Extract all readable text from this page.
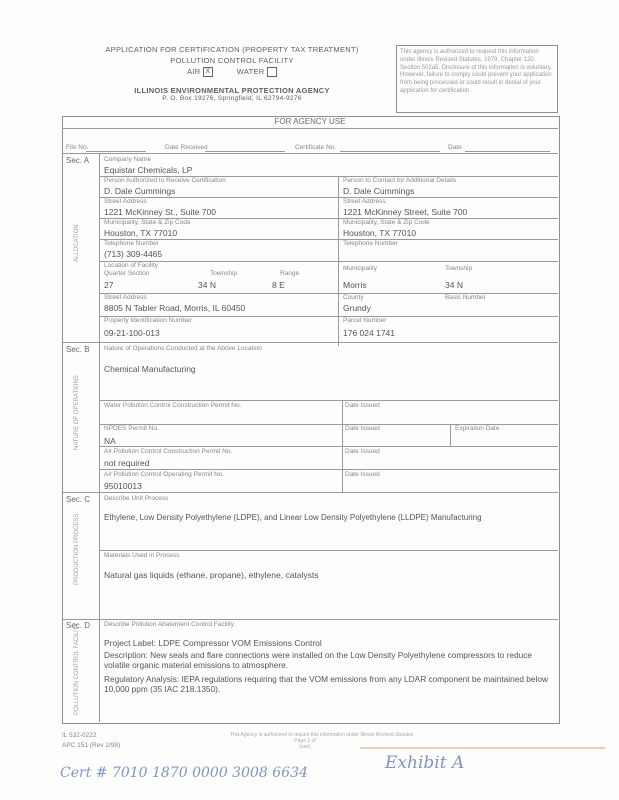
APPLICATION FOR CERTIFICATION (PROPERTY TAX TREATMENT)
POLLUTION CONTROL FACILITY
AIR X	WATER
ILLINOIS ENVIRONMENTAL PROTECTION AGENCY
P. O. Box 19276, Springfield, IL 62794-9276
This agency is authorized to request this information under Illinois Revised Statutes, 1979, Chapter 120, Section 502a5. Disclosure of this information is voluntary. However, failure to comply could prevent your application from being processed or could result in denial of your application for certification.
FOR AGENCY USE
File No.	Date Received	Certificate No.	Date
Sec. A
ALLOCATION
Company Name
Equistar Chemicals, LP
Person Authorized to Receive Certification
D. Dale Cummings
Person to Contact for Additional Details
D. Dale Cummings
Street Address
1221 McKinney St., Suite 700
Street Address
1221 McKinney Street, Suite 700
Municipality, State & Zip Code
Houston, TX 77010
Municipality, State & Zip Code
Houston, TX 77010
Telephone Number
(713) 309-4465
Telephone Number
Location of Facility
Quarter Section	Township	Range
27	34 N	8 E
Municipality
Morris
Township
34 N
Street Address
8805 N Tabler Road, Morris, IL 60450
County
Grundy
Basic Number
Property Identification Number
09-21-100-013
Parcel Number
176 024 1741
Sec. B
NATURE OF OPERATIONS
Nature of Operations Conducted at the Above Location
Chemical Manufacturing
Water Pollution Control Construction Permit No.	Date Issued
NPDES Permit No.
NA
Date Issued	Expiration Date
Air Pollution Control Construction Permit No.
not required
Date Issued
Air Pollution Control Operating Permit No.
95010013
Date Issued
Sec. C
PRODUCTION PROCESS
Describe Unit Process
Ethylene, Low Density Polyethylene (LDPE), and Linear Low Density Polyethylene (LLDPE) Manufacturing
Materials Used in Process
Natural gas liquids (ethane, propane), ethylene, catalysts
Sec. D
POLLUTION CONTROL FACILITY	Describe Pollution Abatement Control Facility
Project Label: LDPE Compressor VOM Emissions Control
Description: New seals and flare connections were installed on the Low Density Polyethylene compressors to reduce volatile organic material emissions to atmosphere.
Regulatory Analysis: IEPA regulations requiring that the VOM emissions from any LDAR component be maintained below 10,000 ppm (35 IAC 218.1350).
IL 532-0222
APC 151 (Rev 2/98)
This Agency is authorized to require this information under Illinois Revised Statutes
Page 1 of
(see)
Exhibit A
Cert # 7010 1870 0000 3008 6634
